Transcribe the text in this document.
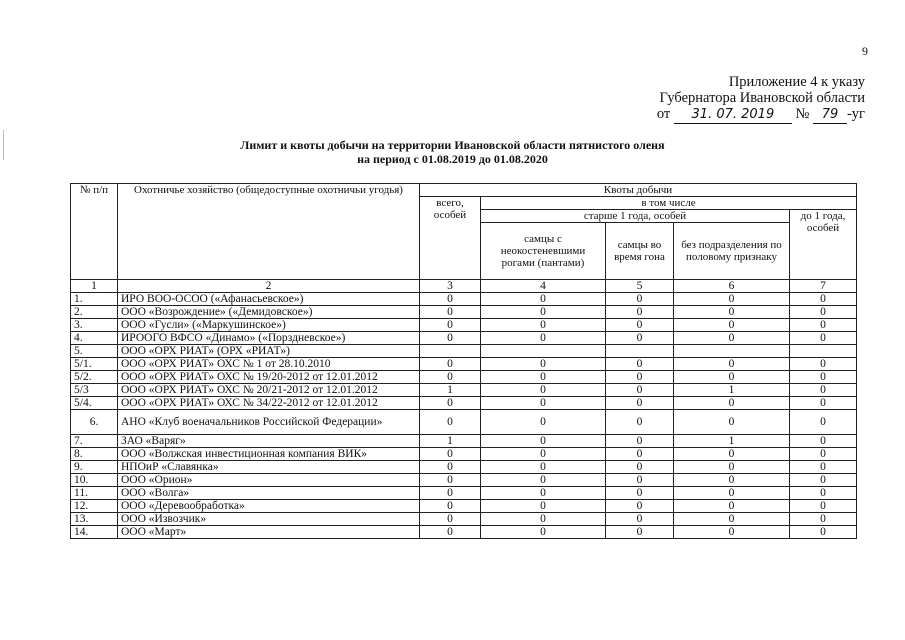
9
Приложение 4 к указу
Губернатора Ивановской области
от 31. 07. 2019 № 79 -уг
Лимит и квоты добычи на территории Ивановской области пятнистого оленя
на период с 01.08.2019 до 01.08.2020
№ п/п	Охотничье хозяйство (общедоступные охотничьи угодья)	Квоты добычи				
		всего, особей	в том числе			
			старше 1 года, особей			до 1 года, особей
			самцы с неокостеневшими рогами (пантами)	самцы во время гона	без подразделения по половому признаку	
1	2	3	4	5	6	7
1.	ИРО ВОО-ОСОО («Афанасьевское»)	0	0	0	0	0
2.	ООО «Возрождение» («Демидовское»)	0	0	0	0	0
3.	ООО «Гусли» («Маркушинское»)	0	0	0	0	0
4.	ИРООГО ВФСО «Динамо» («Порздневское»)	0	0	0	0	0
5.	ООО «ОРХ РИАТ» (ОРХ «РИАТ»)					
5/1.	ООО «ОРХ РИАТ» ОХС № 1 от 28.10.2010	0	0	0	0	0
5/2.	ООО «ОРХ РИАТ» ОХС № 19/20-2012 от 12.01.2012	0	0	0	0	0
5/3	ООО «ОРХ РИАТ» ОХС № 20/21-2012 от 12.01.2012	1	0	0	1	0
5/4.	ООО «ОРХ РИАТ» ОХС № 34/22-2012 от 12.01.2012	0	0	0	0	0
6.	АНО «Клуб военачальников Российской Федерации»	0	0	0	0	0
7.	ЗАО «Варяг»	1	0	0	1	0
8.	ООО «Волжская инвестиционная компания ВИК»	0	0	0	0	0
9.	НПОиР «Славянка»	0	0	0	0	0
10.	ООО «Орион»	0	0	0	0	0
11.	ООО «Волга»	0	0	0	0	0
12.	ООО «Деревообработка»	0	0	0	0	0
13.	ООО «Извозчик»	0	0	0	0	0
14.	ООО «Март»	0	0	0	0	0
